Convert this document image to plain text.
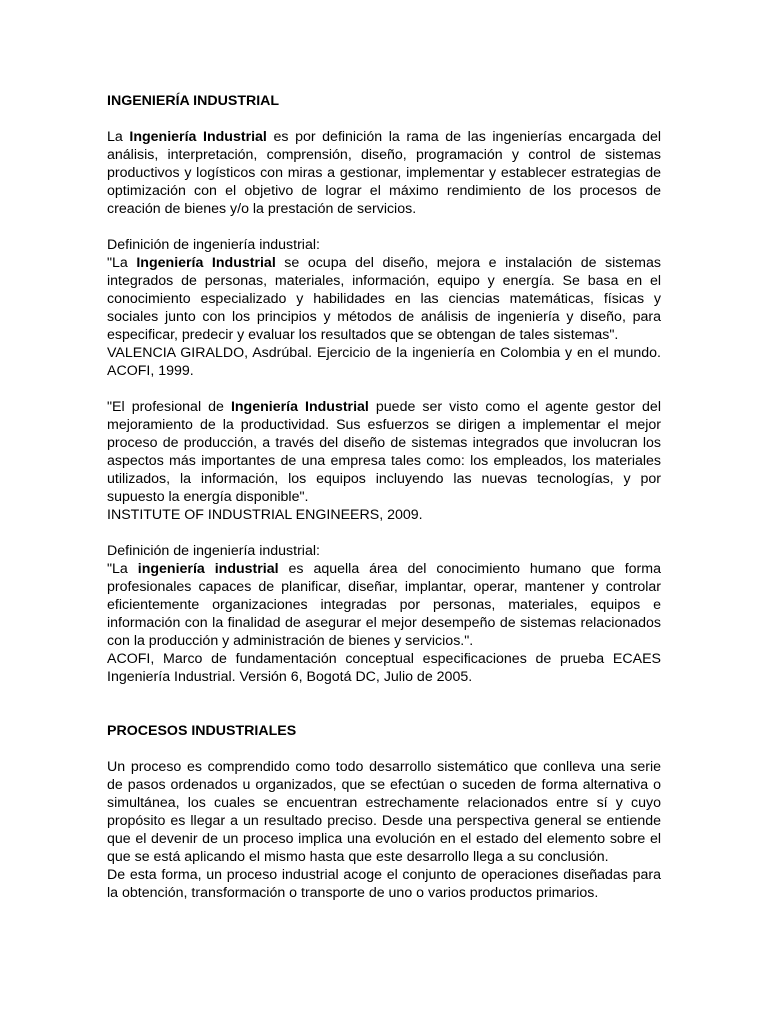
INGENIERÍA INDUSTRIAL
La Ingeniería Industrial es por definición la rama de las ingenierías encargada del análisis, interpretación, comprensión, diseño, programación y control de sistemas productivos y logísticos con miras a gestionar, implementar y establecer estrategias de optimización con el objetivo de lograr el máximo rendimiento de los procesos de creación de bienes y/o la prestación de servicios.
Definición de ingeniería industrial:
"La Ingeniería Industrial se ocupa del diseño, mejora e instalación de sistemas integrados de personas, materiales, información, equipo y energía. Se basa en el conocimiento especializado y habilidades en las ciencias matemáticas, físicas y sociales junto con los principios y métodos de análisis de ingeniería y diseño, para especificar, predecir y evaluar los resultados que se obtengan de tales sistemas".
VALENCIA GIRALDO, Asdrúbal. Ejercicio de la ingeniería en Colombia y en el mundo. ACOFI, 1999.
"El profesional de Ingeniería Industrial puede ser visto como el agente gestor del mejoramiento de la productividad. Sus esfuerzos se dirigen a implementar el mejor proceso de producción, a través del diseño de sistemas integrados que involucran los aspectos más importantes de una empresa tales como: los empleados, los materiales utilizados, la información, los equipos incluyendo las nuevas tecnologías, y por supuesto la energía disponible".
INSTITUTE OF INDUSTRIAL ENGINEERS, 2009.
Definición de ingeniería industrial:
"La ingeniería industrial es aquella área del conocimiento humano que forma profesionales capaces de planificar, diseñar, implantar, operar, mantener y controlar eficientemente organizaciones integradas por personas, materiales, equipos e información con la finalidad de asegurar el mejor desempeño de sistemas relacionados con la producción y administración de bienes y servicios.".
ACOFI, Marco de fundamentación conceptual especificaciones de prueba ECAES Ingeniería Industrial. Versión 6, Bogotá DC, Julio de 2005.
PROCESOS INDUSTRIALES
Un proceso es comprendido como todo desarrollo sistemático que conlleva una serie de pasos ordenados u organizados, que se efectúan o suceden de forma alternativa o simultánea, los cuales se encuentran estrechamente relacionados entre sí y cuyo propósito es llegar a un resultado preciso. Desde una perspectiva general se entiende que el devenir de un proceso implica una evolución en el estado del elemento sobre el que se está aplicando el mismo hasta que este desarrollo llega a su conclusión.
De esta forma, un proceso industrial acoge el conjunto de operaciones diseñadas para la obtención, transformación o transporte de uno o varios productos primarios.
